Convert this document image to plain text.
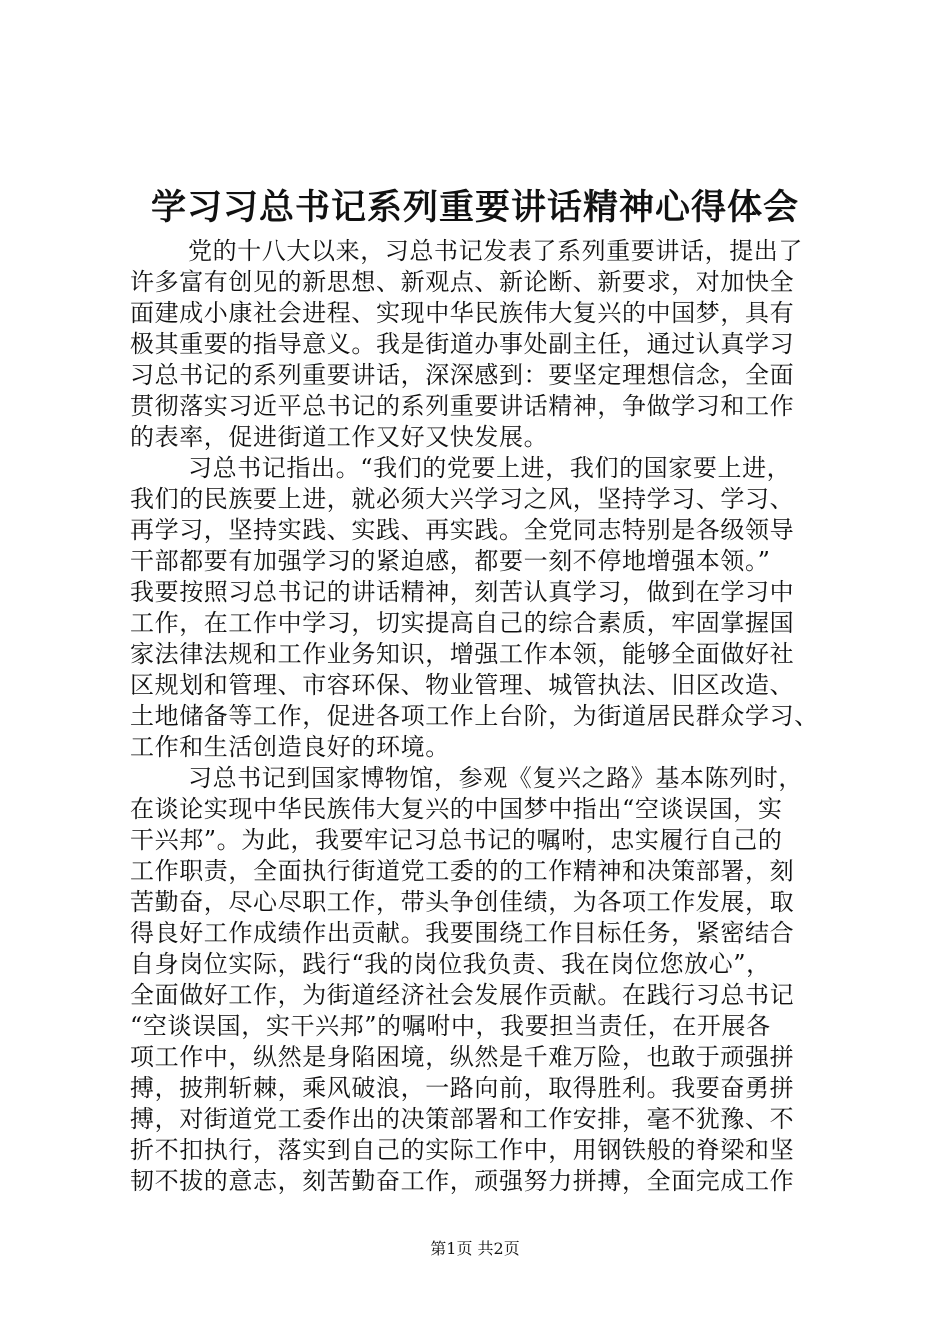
学习习总书记系列重要讲话精神心得体会
党的十八大以来，习总书记发表了系列重要讲话，提出了
许多富有创见的新思想、新观点、新论断、新要求，对加快全
面建成小康社会进程、实现中华民族伟大复兴的中国梦，具有
极其重要的指导意义。我是街道办事处副主任，通过认真学习
习总书记的系列重要讲话，深深感到：要坚定理想信念，全面
贯彻落实习近平总书记的系列重要讲话精神，争做学习和工作
的表率，促进街道工作又好又快发展。
习总书记指出。“我们的党要上进，我们的国家要上进，
我们的民族要上进，就必须大兴学习之风，坚持学习、学习、
再学习，坚持实践、实践、再实践。全党同志特别是各级领导
干部都要有加强学习的紧迫感，都要一刻不停地增强本领。”
我要按照习总书记的讲话精神，刻苦认真学习，做到在学习中
工作，在工作中学习，切实提高自己的综合素质，牢固掌握国
家法律法规和工作业务知识，增强工作本领，能够全面做好社
区规划和管理、市容环保、物业管理、城管执法、旧区改造、
土地储备等工作，促进各项工作上台阶，为街道居民群众学习、
工作和生活创造良好的环境。
习总书记到国家博物馆，参观《复兴之路》基本陈列时，
在谈论实现中华民族伟大复兴的中国梦中指出“空谈误国，实
干兴邦”。为此，我要牢记习总书记的嘱咐，忠实履行自己的
工作职责，全面执行街道党工委的的工作精神和决策部署，刻
苦勤奋，尽心尽职工作，带头争创佳绩，为各项工作发展，取
得良好工作成绩作出贡献。我要围绕工作目标任务，紧密结合
自身岗位实际，践行“我的岗位我负责、我在岗位您放心”，
全面做好工作，为街道经济社会发展作贡献。在践行习总书记
“空谈误国，实干兴邦”的嘱咐中，我要担当责任，在开展各
项工作中，纵然是身陷困境，纵然是千难万险，也敢于顽强拼
搏，披荆斩棘，乘风破浪，一路向前，取得胜利。我要奋勇拼
搏，对街道党工委作出的决策部署和工作安排，毫不犹豫、不
折不扣执行，落实到自己的实际工作中，用钢铁般的脊梁和坚
韧不拔的意志，刻苦勤奋工作，顽强努力拼搏，全面完成工作
第1页 共2页
